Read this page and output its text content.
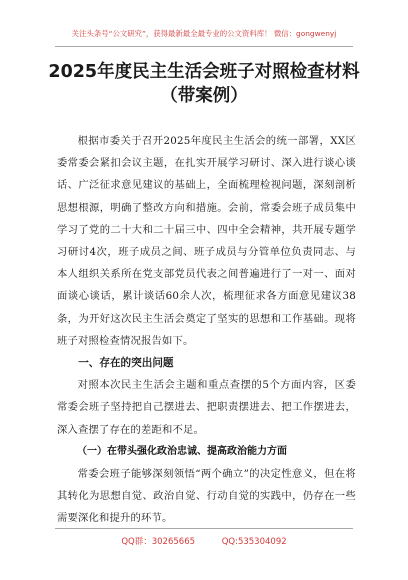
关注头条号“公文研究”，获得最新最全最专业的公文资料库！ 微信：gongwenyj
2025年度民主生活会班子对照检查材料
（带案例）

根据市委关于召开2025年度民主生活会的统一部署，XX区委常委会紧扣会议主题，在扎实开展学习研讨、深入进行谈心谈话、广泛征求意见建议的基础上，全面梳理检视问题，深刻剖析思想根源，明确了整改方向和措施。会前，常委会班子成员集中学习了党的二十大和二十届三中、四中全会精神，共开展专题学习研讨4次，班子成员之间、班子成员与分管单位负责同志、与本人组织关系所在党支部党员代表之间普遍进行了一对一、面对面谈心谈话，累计谈话60余人次，梳理征求各方面意见建议38条，为开好这次民主生活会奠定了坚实的思想和工作基础。现将班子对照检查情况报告如下。

一、存在的突出问题

对照本次民主生活会主题和重点查摆的5个方面内容，区委常委会班子坚持把自己摆进去、把职责摆进去、把工作摆进去，深入查摆了存在的差距和不足。

（一）在带头强化政治忠诚、提高政治能力方面

常委会班子能够深刻领悟“两个确立”的决定性意义，但在将其转化为思想自觉、政治自觉、行动自觉的实践中，仍存在一些需要深化和提升的环节。

QQ群：30265665	QQ:535304092
